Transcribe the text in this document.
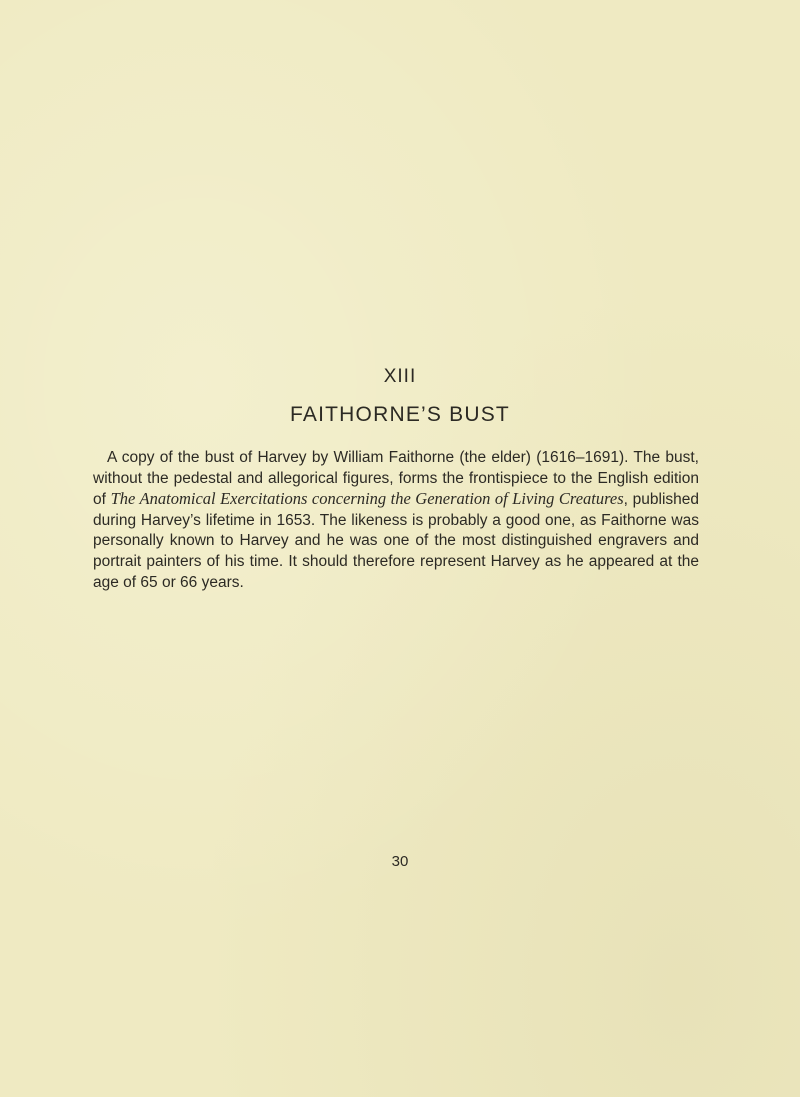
XIII
FAITHORNE’S BUST

A copy of the bust of Harvey by William Faithorne (the elder) (1616–1691). The bust, without the pedestal and allegorical figures, forms the frontispiece to the English edition of The Anatomical Exercitations concerning the Generation of Living Creatures, published during Harvey’s lifetime in 1653. The likeness is probably a good one, as Faithorne was personally known to Harvey and he was one of the most distinguished engravers and portrait painters of his time. It should therefore represent Harvey as he appeared at the age of 65 or 66 years.

30
